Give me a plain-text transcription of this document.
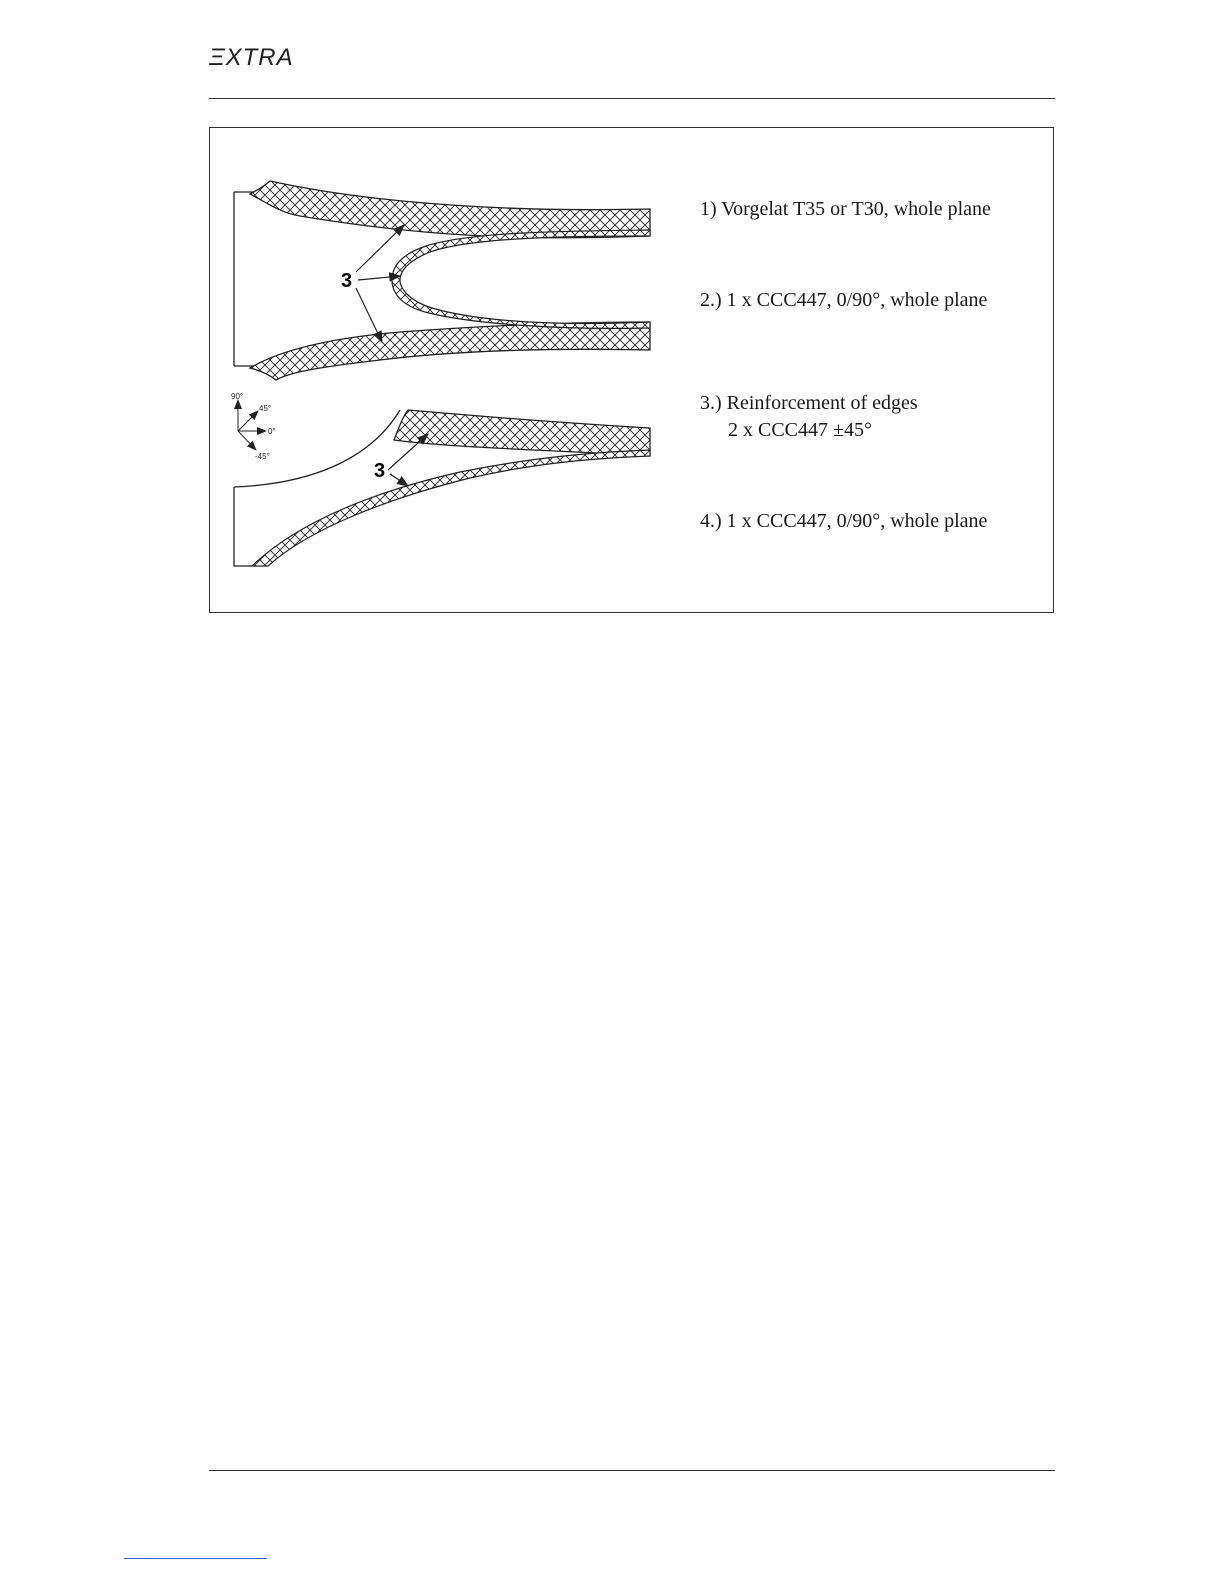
ΞXTRA
90°
45°
0°
-45°
3
3
1) Vorgelat T35 or T30, whole plane
2.) 1 x CCC447, 0/90°, whole plane
3.) Reinforcement of edges
2 x CCC447 ±45°
4.) 1 x CCC447, 0/90°, whole plane
